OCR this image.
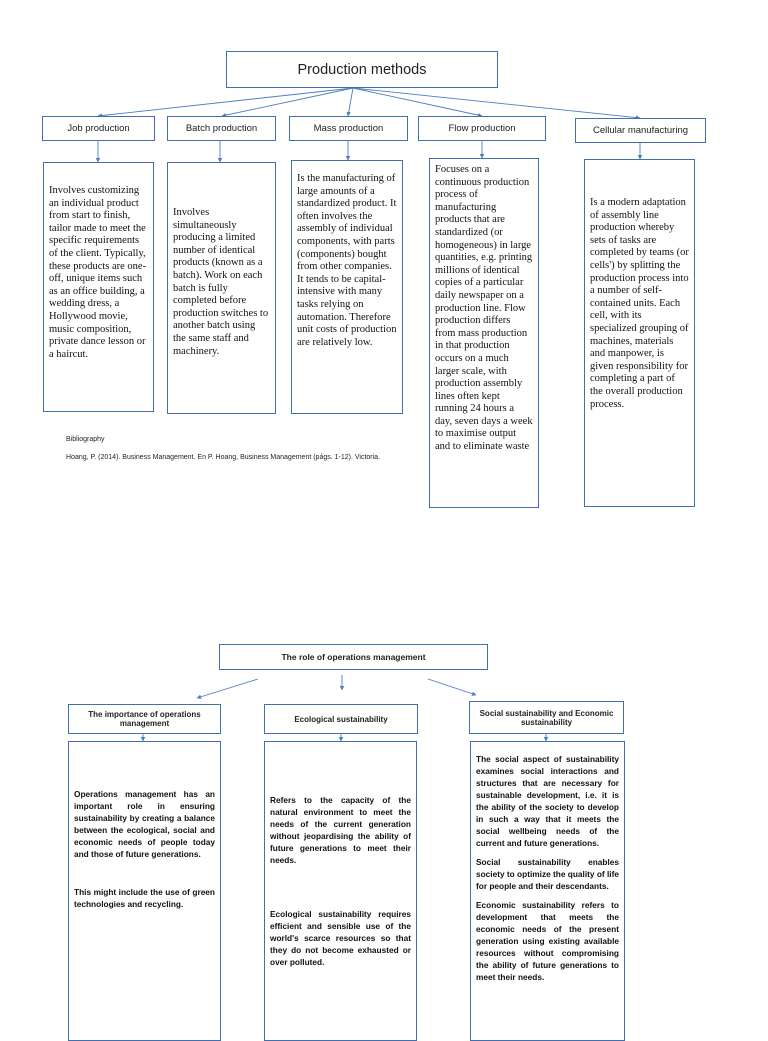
Production methods
Job production	Batch production	Mass production	Flow production	Cellular manufacturing
Involves customizing an individual product from start to finish, tailor made to meet the specific requirements of the client. Typically, these products are one-off, unique items such as an office building, a wedding dress, a Hollywood movie, music composition, private dance lesson or a haircut.
Involves simultaneously producing a limited number of identical products (known as a batch). Work on each batch is fully completed before production switches to another batch using the same staff and machinery.
Is the manufacturing of large amounts of a standardized product. It often involves the assembly of individual components, with parts (components) bought from other companies. It tends to be capital-intensive with many tasks relying on automation. Therefore unit costs of production are relatively low.
Focuses on a continuous production process of manufacturing products that are standardized (or homogeneous) in large quantities, e.g. printing millions of identical copies of a particular daily newspaper on a production line. Flow production differs from mass production in that production occurs on a much larger scale, with production assembly lines often kept running 24 hours a day, seven days a week to maximise output and to eliminate waste
Is a modern adaptation of assembly line production whereby sets of tasks are completed by teams (or cells') by splitting the production process into a number of self-contained units. Each cell, with its specialized grouping of machines, materials and manpower, is given responsibility for completing a part of the overall production process.
Bibliography
Hoang, P. (2014). Business Management. En P. Hoang, Business Management (págs. 1-12). Victoria.
The role of operations management
The importance of operations management	Ecological sustainability
Social sustainability and Economic sustainability

Operations management has an important role in ensuring sustainability by creating a balance between the ecological, social and economic needs of people today and those of future generations.

This might include the use of green technologies and recycling.

Refers to the capacity of the natural environment to meet the needs of the current generation without jeopardising the ability of future generations to meet their needs.

Ecological sustainability requires efficient and sensible use of the world's scarce resources so that they do not become exhausted or over polluted.

The social aspect of sustainability examines social interactions and structures that are necessary for sustainable development, i.e. it is the ability of the society to develop in such a way that it meets the social wellbeing needs of the current and future generations.

Social sustainability enables society to optimize the quality of life for people and their descendants.

Economic sustainability refers to development that meets the economic needs of the present generation using existing available resources without compromising the ability of future generations to meet their needs.
